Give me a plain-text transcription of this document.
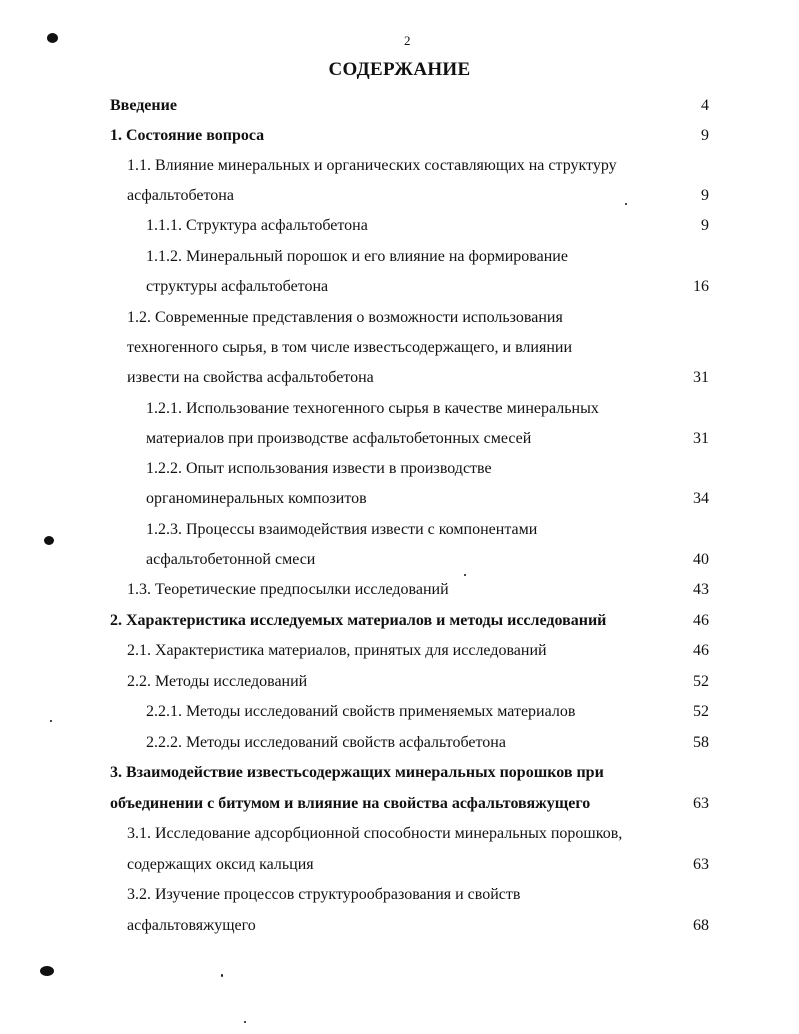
2
СОДЕРЖАНИЕ
Введение	4
1. Состояние вопроса	9
1.1. Влияние минеральных и органических составляющих на структуру
асфальтобетона	9
1.1.1. Структура асфальтобетона	9
1.1.2. Минеральный порошок и его влияние на формирование
структуры асфальтобетона	16
1.2. Современные представления о возможности использования
техногенного сырья, в том числе известьсодержащего, и влиянии
извести на свойства асфальтобетона	31
1.2.1. Использование техногенного сырья в качестве минеральных
материалов при производстве асфальтобетонных смесей	31
1.2.2. Опыт использования извести в производстве
органоминеральных композитов	34
1.2.3. Процессы взаимодействия извести с компонентами
асфальтобетонной смеси	40
1.3. Теоретические предпосылки исследований	43
2. Характеристика исследуемых материалов и методы исследований	46
2.1. Характеристика материалов, принятых для исследований	46
2.2. Методы исследований	52
2.2.1. Методы исследований свойств применяемых материалов	52
2.2.2. Методы исследований свойств асфальтобетона	58
3. Взаимодействие известьсодержащих минеральных порошков при
объединении с битумом и влияние на свойства асфальтовяжущего	63
3.1. Исследование адсорбционной способности минеральных порошков,
содержащих оксид кальция	63
3.2. Изучение процессов структурообразования и свойств
асфальтовяжущего	68
